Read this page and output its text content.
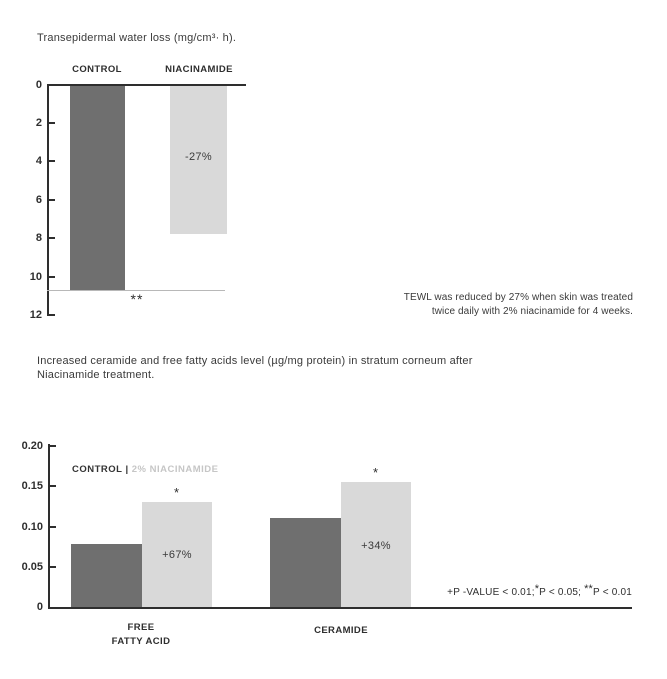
Transepidermal water loss (mg/cm³· h).
CONTROL	NIACINAMIDE
0
2
4
6
8
10
12
-27%
**	TEWL was reduced by 27% when skin was treated
twice daily with 2% niacinamide for 4 weeks.
Increased ceramide and free fatty acids level (µg/mg protein) in stratum corneum after
Niacinamide treatment.
0.20
0.15
0.10
0.05
0
CONTROL | 2% NIACINAMIDE
*
*
+67%
+34%
FREE
FATTY ACID
CERAMIDE
+P -VALUE < 0.01;*P < 0.05; **P < 0.01
